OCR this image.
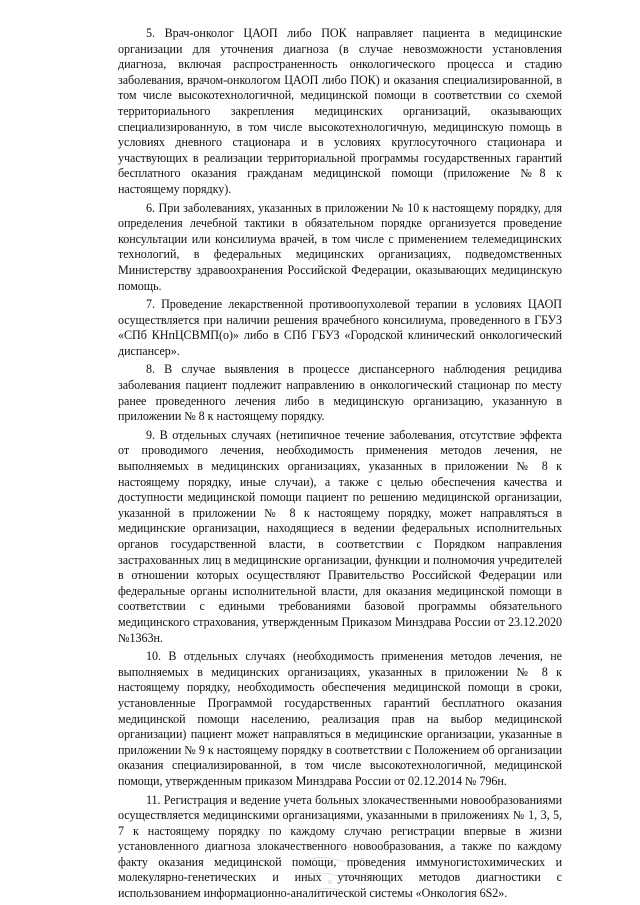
5. Врач-онколог ЦАОП либо ПОК направляет пациента в медицинские организации для уточнения диагноза (в случае невозможности установления диагноза, включая распространенность онкологического процесса и стадию заболевания, врачом-онкологом ЦАОП либо ПОК) и оказания специализированной, в том числе высокотехнологичной, медицинской помощи в соответствии со схемой территориального закрепления медицинских организаций, оказывающих специализированную, в том числе высокотехнологичную, медицинскую помощь в условиях дневного стационара и в условиях круглосуточного стационара и участвующих в реализации территориальной программы государственных гарантий бесплатного оказания гражданам медицинской помощи (приложение №8 к настоящему порядку).

6. При заболеваниях, указанных в приложении № 10 к настоящему порядку, для определения лечебной тактики в обязательном порядке организуется проведение консультации или консилиума врачей, в том числе с применением телемедицинских технологий, в федеральных медицинских организациях, подведомственных Министерству здравоохранения Российской Федерации, оказывающих медицинскую помощь.

7. Проведение лекарственной противоопухолевой терапии в условиях ЦАОП осуществляется при наличии решения врачебного консилиума, проведенного в ГБУЗ «СПб КНпЦСВМП(о)» либо в СПб ГБУЗ «Городской клинический онкологический диспансер».

8. В случае выявления в процессе диспансерного наблюдения рецидива заболевания пациент подлежит направлению в онкологический стационар по месту ранее проведенного лечения либо в медицинскую организацию, указанную в приложении № 8 к настоящему порядку.

9. В отдельных случаях (нетипичное течение заболевания, отсутствие эффекта от проводимого лечения, необходимость применения методов лечения, не выполняемых в медицинских организациях, указанных в приложении № 8 к настоящему порядку, иные случаи), а также с целью обеспечения качества и доступности медицинской помощи пациент по решению медицинской организации, указанной в приложении № 8 к настоящему порядку, может направляться в медицинские организации, находящиеся в ведении федеральных исполнительных органов государственной власти, в соответствии с Порядком направления застрахованных лиц в медицинские организации, функции и полномочия учредителей в отношении которых осуществляют Правительство Российской Федерации или федеральные органы исполнительной власти, для оказания медицинской помощи в соответствии с едиными требованиями базовой программы обязательного медицинского страхования, утвержденным Приказом Минздрава России от 23.12.2020 №1363н.

10. В отдельных случаях (необходимость применения методов лечения, не выполняемых в медицинских организациях, указанных в приложении № 8 к настоящему порядку, необходимость обеспечения медицинской помощи в сроки, установленные Программой государственных гарантий бесплатного оказания медицинской помощи населению, реализация прав на выбор медицинской организации) пациент может направляться в медицинские организации, указанные в приложении № 9 к настоящему порядку в соответствии с Положением об организации оказания специализированной, в том числе высокотехнологичной, медицинской помощи, утвержденным приказом Минздрава России от 02.12.2014 № 796н.

11. Регистрация и ведение учета больных злокачественными новообразованиями осуществляется медицинскими организациями, указанными в приложениях № 1, 3, 5, 7 к настоящему порядку по каждому случаю регистрации впервые в жизни установленного диагноза злокачественного новообразования, а также по каждому факту оказания медицинской помощи, проведения иммуногистохимических и молекулярно-генетических и иных уточняющих методов диагностики с использованием информационно-аналитической системы «Онкология 6S2».
